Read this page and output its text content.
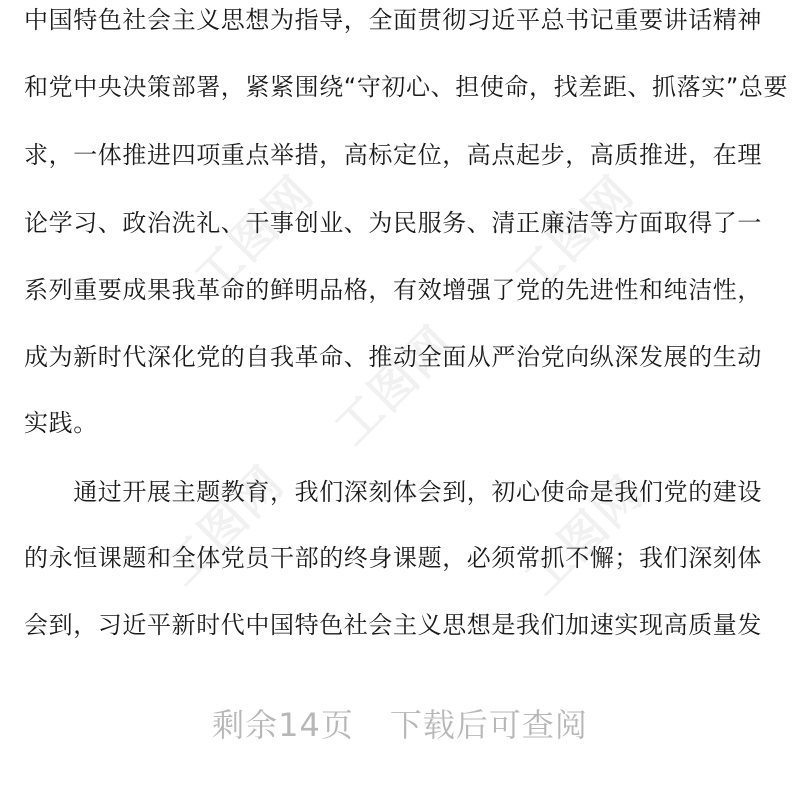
工图网	工图网
工图网
工图网	工图网
中国特色社会主义思想为指导，全面贯彻习近平总书记重要讲话精神
和党中央决策部署，紧紧围绕“守初心、担使命，找差距、抓落实”总要
求，一体推进四项重点举措，高标定位，高点起步，高质推进，在理
论学习、政治洗礼、干事创业、为民服务、清正廉洁等方面取得了一
系列重要成果我革命的鲜明品格，有效增强了党的先进性和纯洁性，
成为新时代深化党的自我革命、推动全面从严治党向纵深发展的生动
实践。
　　通过开展主题教育，我们深刻体会到，初心使命是我们党的建设
的永恒课题和全体党员干部的终身课题，必须常抓不懈；我们深刻体
会到，习近平新时代中国特色社会主义思想是我们加速实现高质量发
剩余14页 下载后可查阅
